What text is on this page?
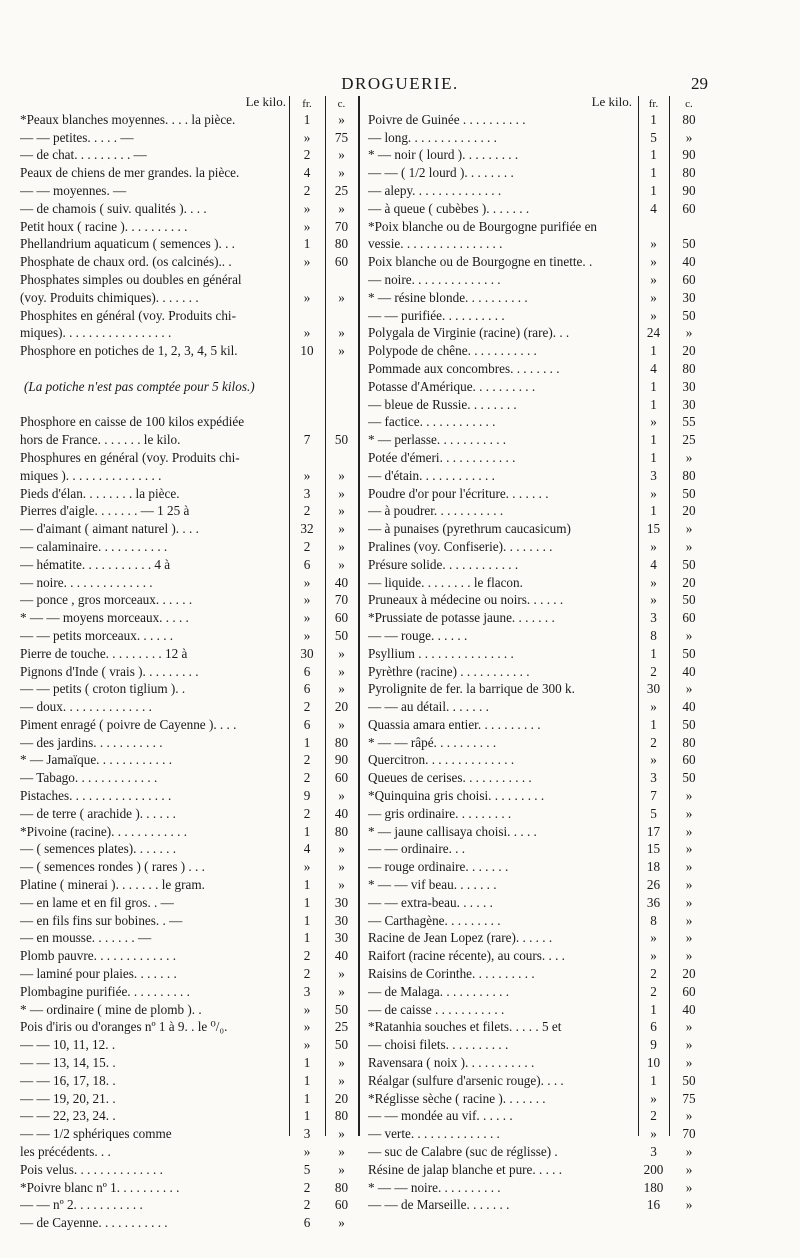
DROGUERIE.	29
Le kilo.	fr.	c.
*Peaux blanches moyennes. . . . la pièce.	1	»
— — petites. . . . . —	»	75
— de chat. . . . . . . . . —	2	»
Peaux de chiens de mer grandes. la pièce.	4	»
— — moyennes. —	2	25
— de chamois ( suiv. qualités ). . . .	»	»
Petit houx ( racine ). . . . . . . . . .	»	70
Phellandrium aquaticum ( semences ). . .	1	80
Phosphate de chaux ord. (os calcinés).. .	»	60
Phosphates simples ou doubles en général
(voy. Produits chimiques). . . . . . .	»	»
Phosphites en général (voy. Produits chi-
miques). . . . . . . . . . . . . . . . .	»	»
Phosphore en potiches de 1, 2, 3, 4, 5 kil.	10	»
(La potiche n'est pas comptée pour 5 kilos.)
Phosphore en caisse de 100 kilos expédiée
hors de France. . . . . . . le kilo.	7	50
Phosphures en général (voy. Produits chi-
miques ). . . . . . . . . . . . . . .	»	»
Pieds d'élan. . . . . . . . la pièce.	3	»
Pierres d'aigle. . . . . . . — 1 25 à	2	»
— d'aimant ( aimant naturel ). . . .	32	»
— calaminaire. . . . . . . . . . .	2	»
— hématite. . . . . . . . . . . 4 à	6	»
— noire. . . . . . . . . . . . . .	»	40
— ponce , gros morceaux. . . . . .	»	70
* — — moyens morceaux. . . . .	»	60
— — petits morceaux. . . . . .	»	50
Pierre de touche. . . . . . . . . 12 à	30	»
Pignons d'Inde ( vrais ). . . . . . . . .	6	»
— — petits ( croton tiglium ). .	6	»
— doux. . . . . . . . . . . . . .	2	20
Piment enragé ( poivre de Cayenne ). . . .	6	»
— des jardins. . . . . . . . . . .	1	80
* — Jamaïque. . . . . . . . . . . .	2	90
— Tabago. . . . . . . . . . . . .	2	60
Pistaches. . . . . . . . . . . . . . . .	9	»
— de terre ( arachide ). . . . . .	2	40
*Pivoine (racine). . . . . . . . . . . .	1	80
— ( semences plates). . . . . . .	4	»
— ( semences rondes ) ( rares ) . . .	»	»
Platine ( minerai ). . . . . . . le gram.	1	»
— en lame et en fil gros. . —	1	30
— en fils fins sur bobines. . —	1	30
— en mousse. . . . . . . —	1	30
Plomb pauvre. . . . . . . . . . . . .	2	40
— laminé pour plaies. . . . . . .	2	»
Plombagine purifiée. . . . . . . . . .	3	»
* — ordinaire ( mine de plomb ). .	»	50
Pois d'iris ou d'oranges nº 1 à 9. . le ⁰/₀.	»	25
— — 10, 11, 12. .	»	50
— — 13, 14, 15. .	1	»
— — 16, 17, 18. .	1	»
— — 19, 20, 21. .	1	20
— — 22, 23, 24. .	1	80
— — 1/2 sphériques comme	3	»
les précédents. . .	»	»
Pois velus. . . . . . . . . . . . . .	5	»
*Poivre blanc nº 1. . . . . . . . . .	2	80
— — nº 2. . . . . . . . . . .	2	60
— de Cayenne. . . . . . . . . . .	6	»
Le kilo.	fr.	c.
Poivre de Guinée . . . . . . . . . .	1	80
— long. . . . . . . . . . . . . .	5	»
* — noir ( lourd ). . . . . . . . .	1	90
— — ( 1/2 lourd ). . . . . . . .	1	80
— alepy. . . . . . . . . . . . . .	1	90
— à queue ( cubèbes ). . . . . . .	4	60
*Poix blanche ou de Bourgogne purifiée en
vessie. . . . . . . . . . . . . . . .	»	50
Poix blanche ou de Bourgogne en tinette. .	»	40
— noire. . . . . . . . . . . . . .	»	60
* — résine blonde. . . . . . . . . .	»	30
— — purifiée. . . . . . . . . .	»	50
Polygala de Virginie (racine) (rare). . .	24	»
Polypode de chêne. . . . . . . . . . .	1	20
Pommade aux concombres. . . . . . . .	4	80
Potasse d'Amérique. . . . . . . . . .	1	30
— bleue de Russie. . . . . . . .	1	30
— factice. . . . . . . . . . . .	»	55
* — perlasse. . . . . . . . . . .	1	25
Potée d'émeri. . . . . . . . . . . .	1	»
— d'étain. . . . . . . . . . . .	3	80
Poudre d'or pour l'écriture. . . . . . .	»	50
— à poudrer. . . . . . . . . . .	1	20
— à punaises (pyrethrum caucasicum)	15	»
Pralines (voy. Confiserie). . . . . . . .	»	»
Présure solide. . . . . . . . . . . .	4	50
— liquide. . . . . . . . le flacon.	»	20
Pruneaux à médecine ou noirs. . . . . .	»	50
*Prussiate de potasse jaune. . . . . . .	3	60
— — rouge. . . . . .	8	»
Psyllium . . . . . . . . . . . . . . .	1	50
Pyrèthre (racine) . . . . . . . . . . .	2	40
Pyrolignite de fer. la barrique de 300 k.	30	»
— — au détail. . . . . . .	»	40
Quassia amara entier. . . . . . . . . .	1	50
* — — râpé. . . . . . . . . .	2	80
Quercitron. . . . . . . . . . . . . .	»	60
Queues de cerises. . . . . . . . . . .	3	50
*Quinquina gris choisi. . . . . . . . .	7	»
— gris ordinaire. . . . . . . . .	5	»
* — jaune callisaya choisi. . . . .	17	»
— — ordinaire. . .	15	»
— rouge ordinaire. . . . . . .	18	»
* — — vif beau. . . . . . .	26	»
— — extra-beau. . . . . .	36	»
— Carthagène. . . . . . . . .	8	»
Racine de Jean Lopez (rare). . . . . .	»	»
Raifort (racine récente), au cours. . . .	»	»
Raisins de Corinthe. . . . . . . . . .	2	20
— de Malaga. . . . . . . . . . .	2	60
— de caisse . . . . . . . . . . .	1	40
*Ratanhia souches et filets. . . . . 5 et	6	»
— choisi filets. . . . . . . . . .	9	»
Ravensara ( noix ). . . . . . . . . . .	10	»
Réalgar (sulfure d'arsenic rouge). . . .	1	50
*Réglisse sèche ( racine ). . . . . . .	»	75
— — mondée au vif. . . . . .	2	»
— verte. . . . . . . . . . . . . .	»	70
— suc de Calabre (suc de réglisse) .	3	»
Résine de jalap blanche et pure. . . . .	200	»
* — — noire. . . . . . . . . .	180	»
— — de Marseille. . . . . . .	16	»
